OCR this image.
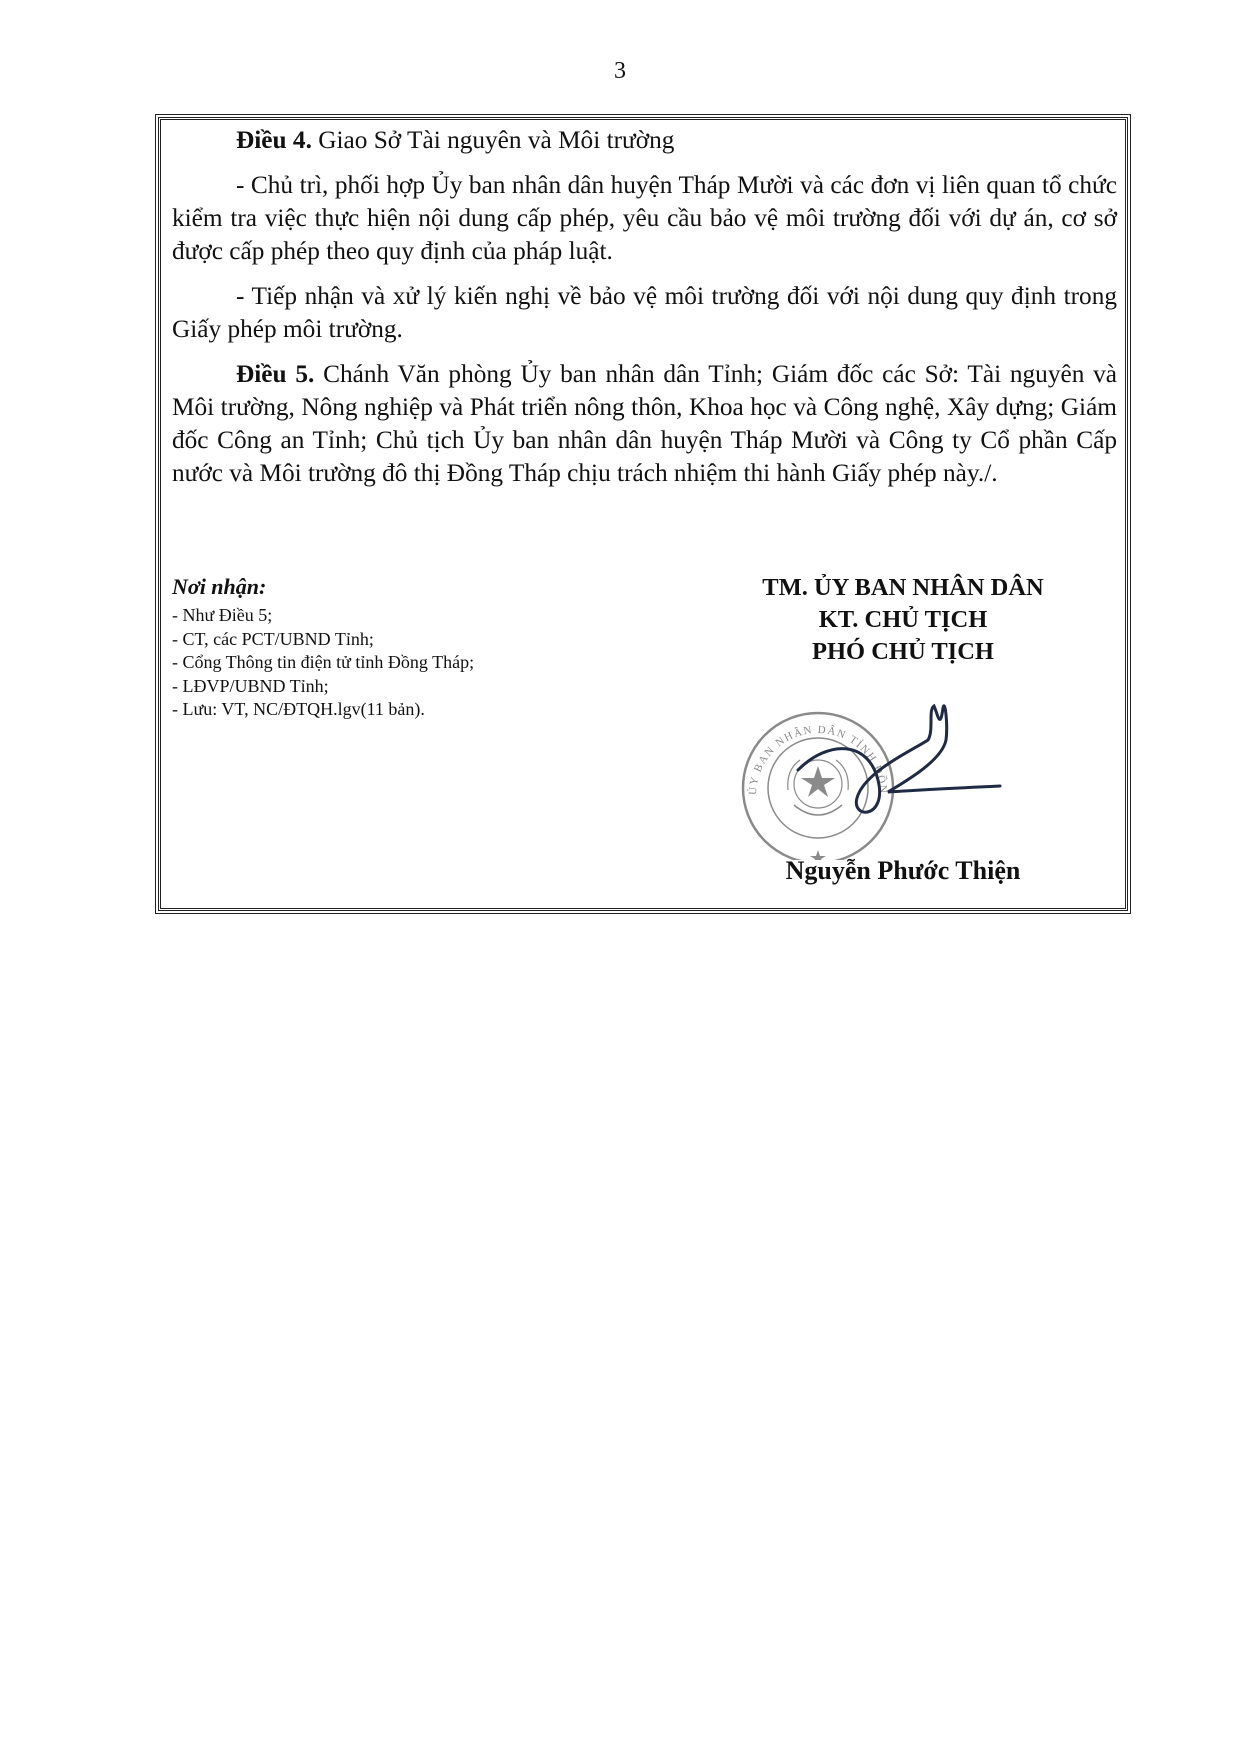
3

Điều 4. Giao Sở Tài nguyên và Môi trường

- Chủ trì, phối hợp Ủy ban nhân dân huyện Tháp Mười và các đơn vị liên quan tổ chức kiểm tra việc thực hiện nội dung cấp phép, yêu cầu bảo vệ môi trường đối với dự án, cơ sở được cấp phép theo quy định của pháp luật.

- Tiếp nhận và xử lý kiến nghị về bảo vệ môi trường đối với nội dung quy định trong Giấy phép môi trường.

Điều 5. Chánh Văn phòng Ủy ban nhân dân Tỉnh; Giám đốc các Sở: Tài nguyên và Môi trường, Nông nghiệp và Phát triển nông thôn, Khoa học và Công nghệ, Xây dựng; Giám đốc Công an Tỉnh; Chủ tịch Ủy ban nhân dân huyện Tháp Mười và Công ty Cổ phần Cấp nước và Môi trường đô thị Đồng Tháp chịu trách nhiệm thi hành Giấy phép này./.

Nơi nhận:
- Như Điều 5;
- CT, các PCT/UBND Tỉnh;
- Cổng Thông tin điện tử tỉnh Đồng Tháp;
- LĐVP/UBND Tỉnh;
- Lưu: VT, NC/ĐTQH.lgv(11 bản).
TM. ỦY BAN NHÂN DÂN
KT. CHỦ TỊCH
PHÓ CHỦ TỊCH
ỦY BAN NHÂN DÂN TỈNH ĐỒN
Nguyễn Phước Thiện
